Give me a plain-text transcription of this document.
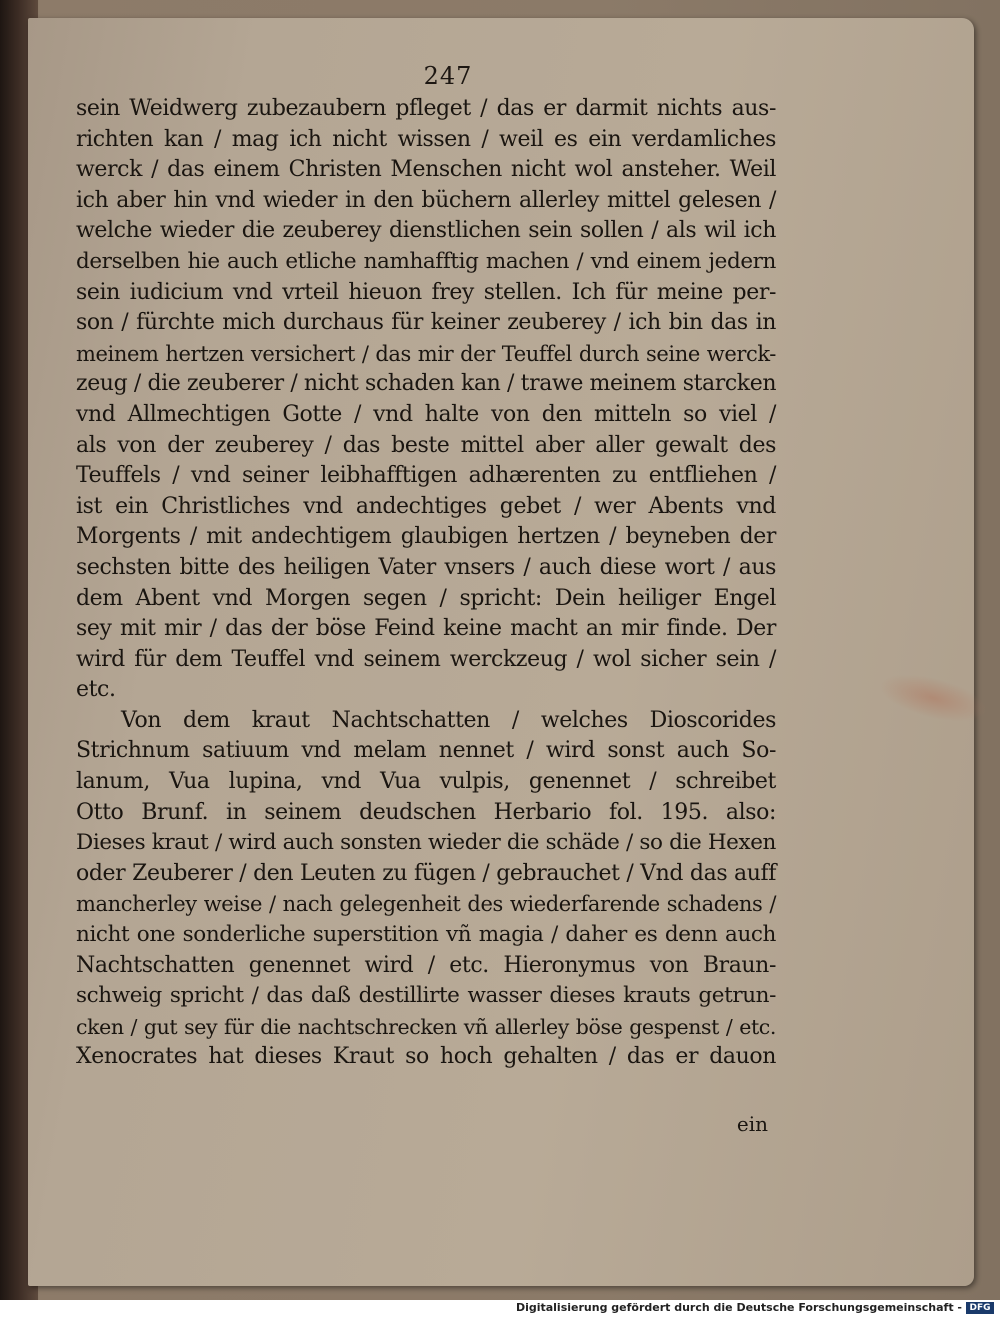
247
sein Weidwerg zubezaubern pfleget / das er darmit nichts aus-
richten kan / mag ich nicht wissen / weil es ein verdamliches
werck / das einem Christen Menschen nicht wol ansteher. Weil
ich aber hin vnd wieder in den büchern allerley mittel gelesen /
welche wieder die zeuberey dienstlichen sein sollen / als wil ich
derselben hie auch etliche namhafftig machen / vnd einem jedern
sein iudicium vnd vrteil hieuon frey stellen. Ich für meine per-
son / fürchte mich durchaus für keiner zeuberey / ich bin das in
meinem hertzen versichert / das mir der Teuffel durch seine werck-
zeug / die zeuberer / nicht schaden kan / trawe meinem starcken
vnd Allmechtigen Gotte / vnd halte von den mitteln so viel /
als von der zeuberey / das beste mittel aber aller gewalt des
Teuffels / vnd seiner leibhafftigen adhærenten zu entfliehen /
ist ein Christliches vnd andechtiges gebet / wer Abents vnd
Morgents / mit andechtigem glaubigen hertzen / beyneben der
sechsten bitte des heiligen Vater vnsers / auch diese wort / aus
dem Abent vnd Morgen segen / spricht: Dein heiliger Engel
sey mit mir / das der böse Feind keine macht an mir finde. Der
wird für dem Teuffel vnd seinem werckzeug / wol sicher sein /
etc.
Von dem kraut Nachtschatten / welches Dioscorides
Strichnum satiuum vnd melam nennet / wird sonst auch So-
lanum, Vua lupina, vnd Vua vulpis, genennet / schreibet
Otto Brunf. in seinem deudschen Herbario fol. 195. also:
Dieses kraut / wird auch sonsten wieder die schäde / so die Hexen
oder Zeuberer / den Leuten zu fügen / gebrauchet / Vnd das auff
mancherley weise / nach gelegenheit des wiederfarende schadens /
nicht one sonderliche superstition vñ magia / daher es denn auch
Nachtschatten genennet wird / etc. Hieronymus von Braun-
schweig spricht / das daß destillirte wasser dieses krauts getrun-
cken / gut sey für die nachtschrecken vñ allerley böse gespenst / etc.
Xenocrates hat dieses Kraut so hoch gehalten / das er dauon
ein
Digitalisierung gefördert durch die Deutsche Forschungsgemeinschaft - DFG
